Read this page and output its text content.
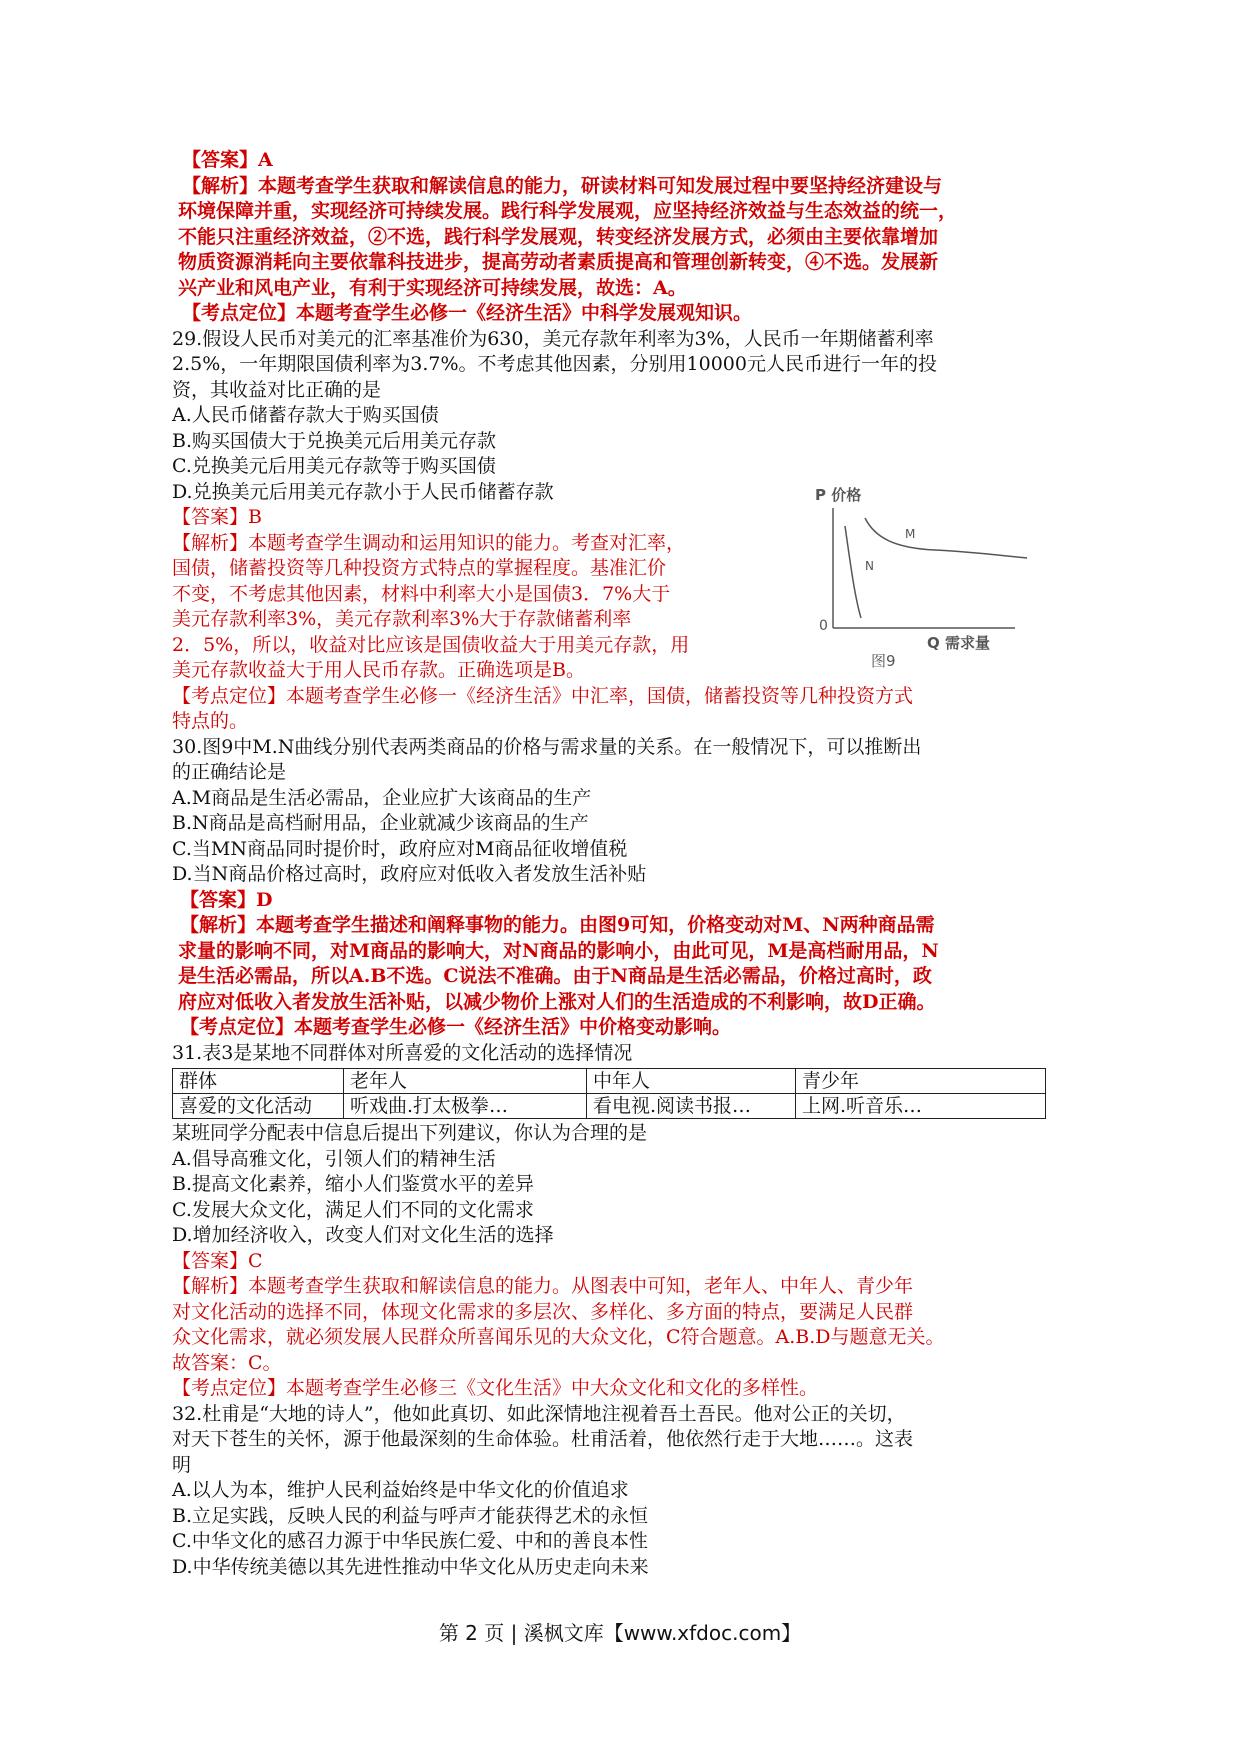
【答案】A
【解析】本题考查学生获取和解读信息的能力，研读材料可知发展过程中要坚持经济建设与
环境保障并重，实现经济可持续发展。践行科学发展观，应坚持经济效益与生态效益的统一，
不能只注重经济效益，②不选，践行科学发展观，转变经济发展方式，必须由主要依靠增加
物质资源消耗向主要依靠科技进步，提高劳动者素质提高和管理创新转变，④不选。发展新
兴产业和风电产业，有利于实现经济可持续发展，故选：A。
【考点定位】本题考查学生必修一《经济生活》中科学发展观知识。
29.假设人民币对美元的汇率基准价为630，美元存款年利率为3%，人民币一年期储蓄利率
2.5%，一年期限国债利率为3.7%。不考虑其他因素，分别用10000元人民币进行一年的投
资，其收益对比正确的是
A.人民币储蓄存款大于购买国债
B.购买国债大于兑换美元后用美元存款
C.兑换美元后用美元存款等于购买国债
D.兑换美元后用美元存款小于人民币储蓄存款
【答案】B
【解析】本题考查学生调动和运用知识的能力。考查对汇率，
国债，储蓄投资等几种投资方式特点的掌握程度。基准汇价
不变，不考虑其他因素，材料中利率大小是国债3．7%大于
美元存款利率3%，美元存款利率3%大于存款储蓄利率
2．5%，所以，收益对比应该是国债收益大于用美元存款，用
美元存款收益大于用人民币存款。正确选项是B。
【考点定位】本题考查学生必修一《经济生活》中汇率，国债，储蓄投资等几种投资方式
特点的。
30.图9中M.N曲线分别代表两类商品的价格与需求量的关系。在一般情况下，可以推断出
的正确结论是
A.M商品是生活必需品，企业应扩大该商品的生产
B.N商品是高档耐用品，企业就减少该商品的生产
C.当MN商品同时提价时，政府应对M商品征收增值税
D.当N商品价格过高时，政府应对低收入者发放生活补贴
【答案】D
【解析】本题考查学生描述和阐释事物的能力。由图9可知，价格变动对M、N两种商品需
求量的影响不同，对M商品的影响大，对N商品的影响小，由此可见，M是高档耐用品，N
是生活必需品，所以A.B不选。C说法不准确。由于N商品是生活必需品，价格过高时，政
府应对低收入者发放生活补贴，以减少物价上涨对人们的生活造成的不利影响，故D正确。
【考点定位】本题考查学生必修一《经济生活》中价格变动影响。
31.表3是某地不同群体对所喜爱的文化活动的选择情况
群体	老年人	中年人	青少年
喜爱的文化活动	听戏曲.打太极拳…	看电视.阅读书报…	上网.听音乐…
某班同学分配表中信息后提出下列建议，你认为合理的是
A.倡导高雅文化，引领人们的精神生活
B.提高文化素养，缩小人们鉴赏水平的差异
C.发展大众文化，满足人们不同的文化需求
D.增加经济收入，改变人们对文化生活的选择
【答案】C
【解析】本题考查学生获取和解读信息的能力。从图表中可知，老年人、中年人、青少年
对文化活动的选择不同，体现文化需求的多层次、多样化、多方面的特点，要满足人民群
众文化需求，就必须发展人民群众所喜闻乐见的大众文化，C符合题意。A.B.D与题意无关。
故答案：C。
【考点定位】本题考查学生必修三《文化生活》中大众文化和文化的多样性。
32.杜甫是“大地的诗人”，他如此真切、如此深情地注视着吾土吾民。他对公正的关切，
对天下苍生的关怀，源于他最深刻的生命体验。杜甫活着，他依然行走于大地……。这表
明
A.以人为本，维护人民利益始终是中华文化的价值追求
B.立足实践，反映人民的利益与呼声才能获得艺术的永恒
C.中华文化的感召力源于中华民族仁爱、中和的善良本性
D.中华传统美德以其先进性推动中华文化从历史走向未来
P 价格
M
N
0
Q 需求量
图9
第 2 页 | 溪枫文库【www.xfdoc.com】
